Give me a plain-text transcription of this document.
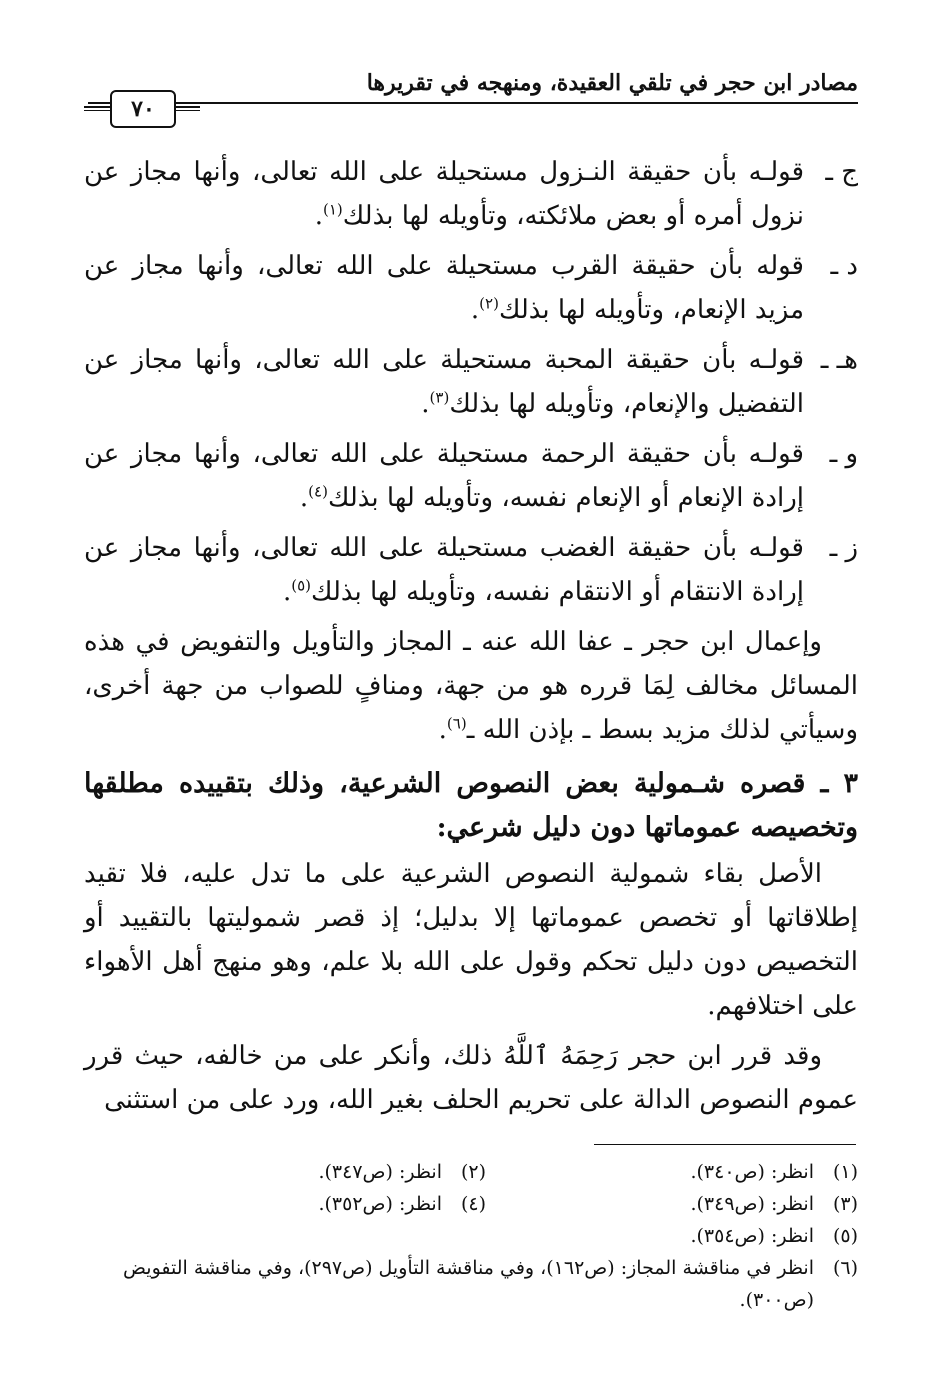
مصادر ابن حجر في تلقي العقيدة، ومنهجه في تقريرها
٧٠
ج ـ
قولـه بأن حقيقة النـزول مستحيلة على الله تعالى، وأنها مجاز عن نزول أمره أو بعض ملائكته، وتأويله لها بذلك$^{(١)}$.
د ـ
قوله بأن حقيقة القرب مستحيلة على الله تعالى، وأنها مجاز عن مزيد الإنعام، وتأويله لها بذلك$^{(٢)}$.
هـ ـ
قولـه بأن حقيقة المحبة مستحيلة على الله تعالى، وأنها مجاز عن التفضيل والإنعام، وتأويله لها بذلك$^{(٣)}$.
و ـ
قولـه بأن حقيقة الرحمة مستحيلة على الله تعالى، وأنها مجاز عن إرادة الإنعام أو الإنعام نفسه، وتأويله لها بذلك$^{(٤)}$.
ز ـ
قولـه بأن حقيقة الغضب مستحيلة على الله تعالى، وأنها مجاز عن إرادة الانتقام أو الانتقام نفسه، وتأويله لها بذلك$^{(٥)}$.

وإعمال ابن حجر ـ عفا الله عنه ـ المجاز والتأويل والتفويض في هذه المسائل مخالف لِمَا قرره هو من جهة، ومنافٍ للصواب من جهة أخرى، وسيأتي لذلك مزيد بسط ـ بإذن الله ـ$^{(٦)}$.

٣ ـ قصره شـمولية بعض النصوص الشرعية، وذلك بتقييده مطلقها وتخصيصه عموماتها دون دليل شرعي:

الأصل بقاء شمولية النصوص الشرعية على ما تدل عليه، فلا تقيد إطلاقاتها أو تخصص عموماتها إلا بدليل؛ إذ قصر شموليتها بالتقييد أو التخصيص دون دليل تحكم وقول على الله بلا علم، وهو منهج أهل الأهواء على اختلافهم.

وقد قرر ابن حجر رَحِمَهُ ٱللَّهُ ذلك، وأنكر على من خالفه، حيث قرر عموم النصوص الدالة على تحريم الحلف بغير الله، ورد على من استثنى

(١)
انظر: (ص٣٤٠).
(٢)
انظر: (ص٣٤٧).
(٣)
انظر: (ص٣٤٩).
(٤)
انظر: (ص٣٥٢).
(٥)
انظر: (ص٣٥٤).
(٦)
انظر في مناقشة المجاز: (ص١٦٢)، وفي مناقشة التأويل (ص٢٩٧)، وفي مناقشة التفويض (ص٣٠٠).
